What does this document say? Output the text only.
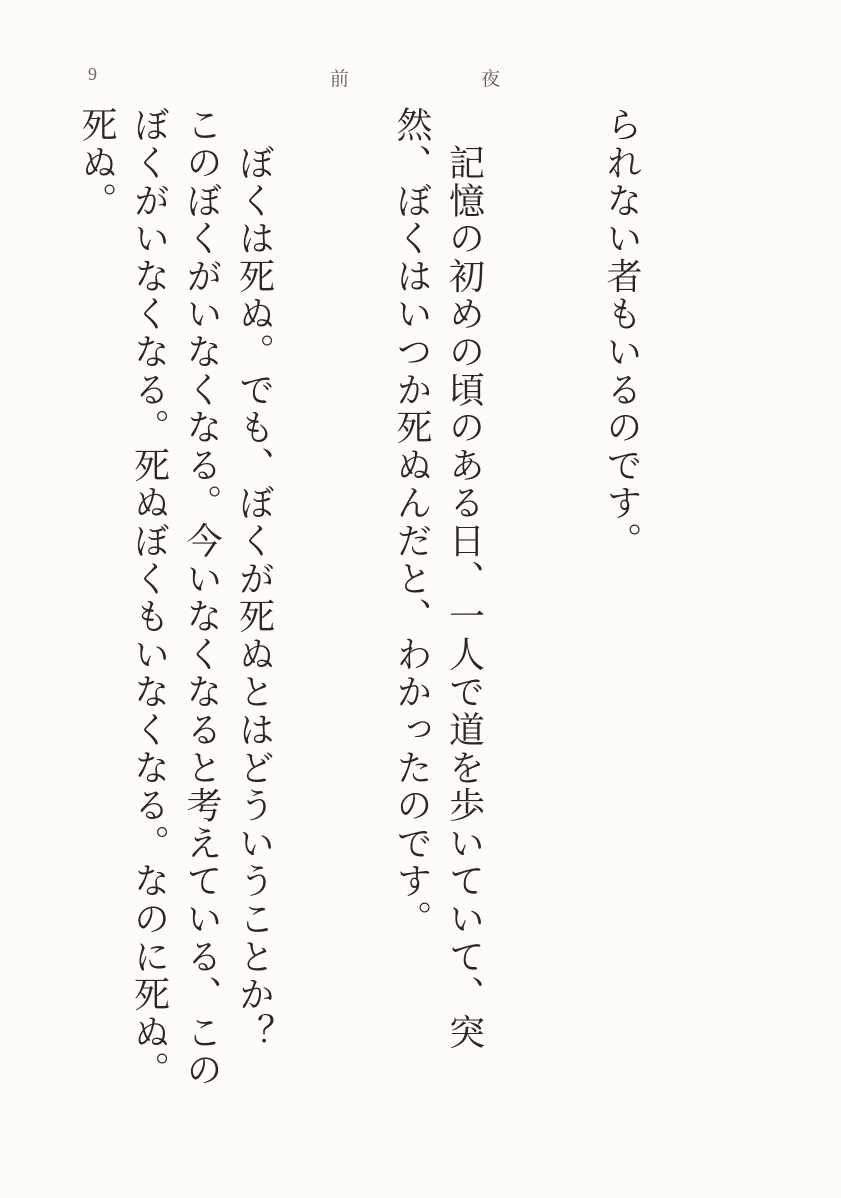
9	前	夜

られない者もいるのです。

　記憶の初めの頃のある日、一人で道を歩いていて、突然、ぼくはいつか死ぬんだと、わかったのです。

　ぼくは死ぬ。でも、ぼくが死ぬとはどういうことか？　このぼくがいなくなる。今いなくなると考えている、このぼくがいなくなる。死ぬぼくもいなくなる。なのに死ぬ。死ぬ。
